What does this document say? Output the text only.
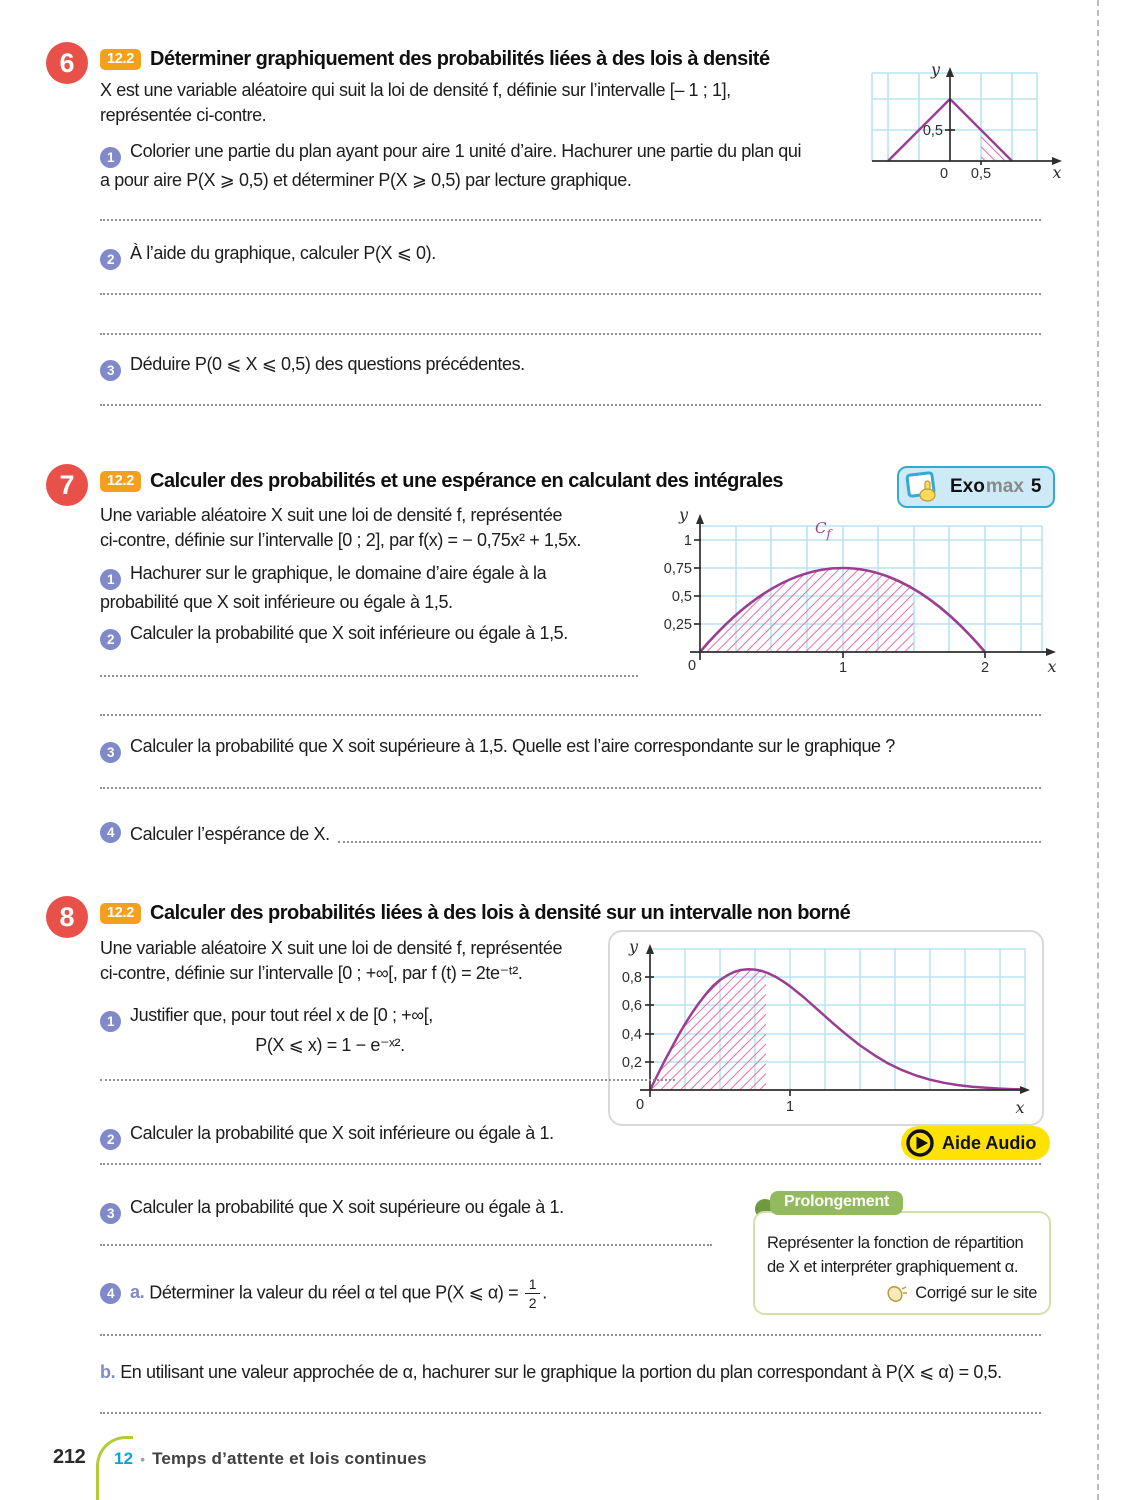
6	12.2 Déterminer graphiquement des probabilités liées à des lois à densité

X est une variable aléatoire qui suit la loi de densité f, définie sur l’intervalle [– 1 ; 1],
représentée ci-contre.

y
0,5
0 0,5	x

1 Colorier une partie du plan ayant pour aire 1 unité d’aire. Hachurer une partie du plan qui
a pour aire P(X ⩾ 0,5) et déterminer P(X ⩾ 0,5) par lecture graphique.

2 À l’aide du graphique, calculer P(X ⩽ 0).

3 Déduire P(0 ⩽ X ⩽ 0,5) des questions précédentes.

7	12.2 Calculer des probabilités et une espérance en calculant des intégrales	Exo max 5

Une variable aléatoire X suit une loi de densité f, représentée
ci-contre, définie sur l’intervalle [0 ; 2], par f(x) = − 0,75x² + 1,5x.

y
1
0,75
0,5
0,25
0	1	2	x
$C_f$

1 Hachurer sur le graphique, le domaine d’aire égale à la
probabilité que X soit inférieure ou égale à 1,5.

2 Calculer la probabilité que X soit inférieure ou égale à 1,5.

3 Calculer la probabilité que X soit supérieure à 1,5. Quelle est l’aire correspondante sur le graphique ?

4 Calculer l’espérance de X.

8	12.2 Calculer des probabilités liées à des lois à densité sur un intervalle non borné

Une variable aléatoire X suit une loi de densité f, représentée
ci-contre, définie sur l’intervalle [0 ; +∞[, par f (t) = 2te⁻ᵗ².

y
0,8
0,6
0,4
0,2
0	1	x

1 Justifier que, pour tout réel x de [0 ; +∞[,
P(X ⩽ x) = 1 − e⁻ˣ².

2 Calculer la probabilité que X soit inférieure ou égale à 1.	Aide Audio

3 Calculer la probabilité que X soit supérieure ou égale à 1.

Représenter la fonction de répartition de X et interpréter graphiquement α.
Corrigé sur le site
Prolongement

4 a. Déterminer la valeur du réel α tel que P(X ⩽ $\alpha) = \frac{1}{2}$ .

b. En utilisant une valeur approchée de α, hachurer sur le graphique la portion du plan correspondant à P(X ⩽ α) = 0,5.

212 12 • Temps d’attente et lois continues
